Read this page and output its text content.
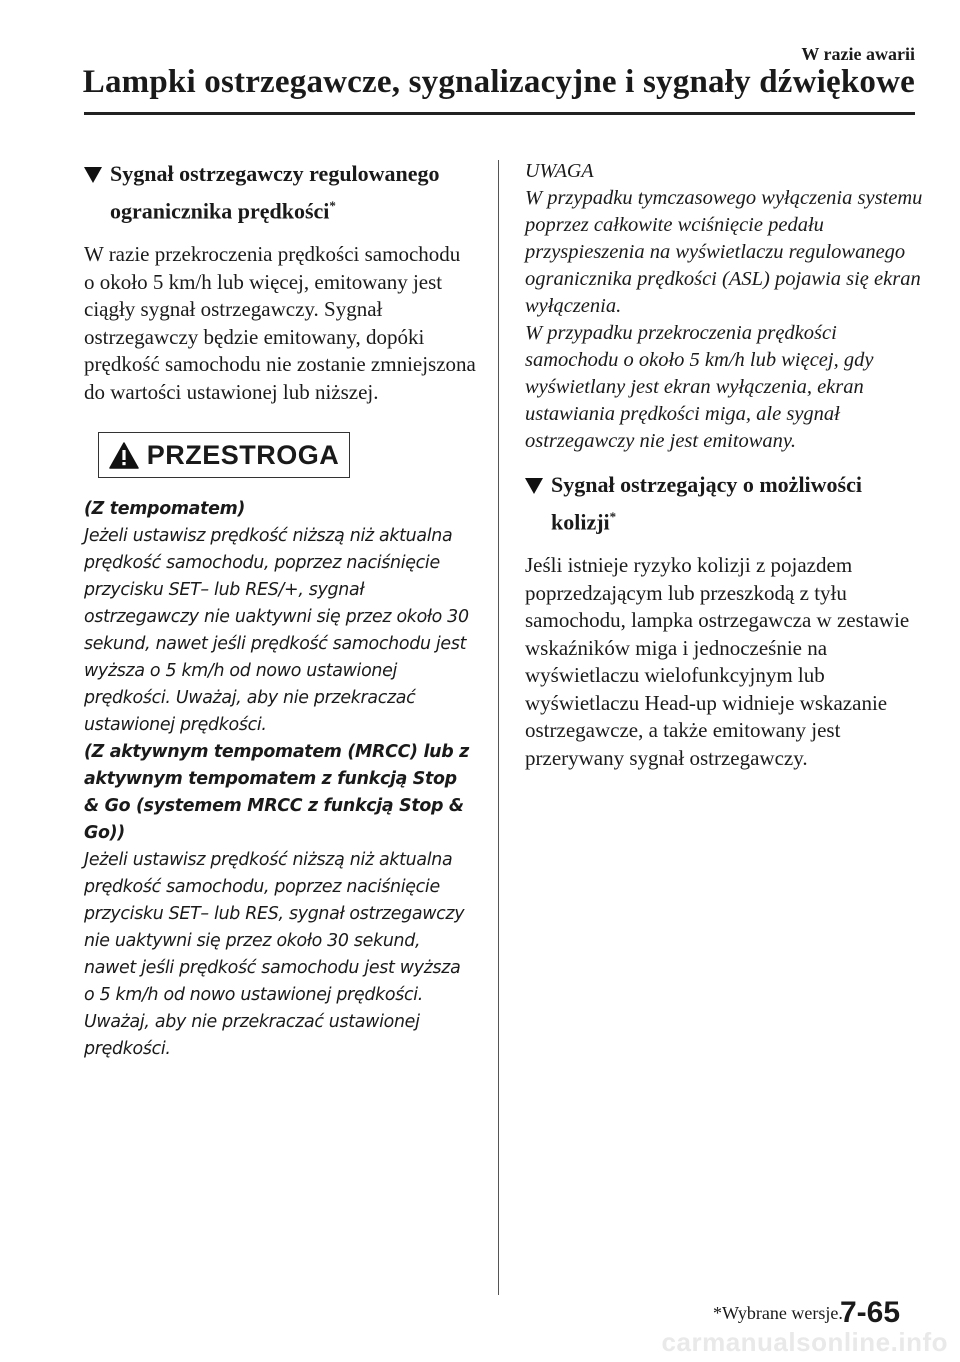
W razie awarii
Lampki ostrzegawcze, sygnalizacyjne i sygnały dźwiękowe
Sygnał ostrzegawczy regulowanego ogranicznika prędkości*

W razie przekroczenia prędkości samochodu o około 5 km/h lub więcej, emitowany jest ciągły sygnał ostrzegawczy. Sygnał ostrzegawczy będzie emitowany, dopóki prędkość samochodu nie zostanie zmniejszona do wartości ustawionej lub niższej.

PRZESTROGA
(Z tempomatem)
Jeżeli ustawisz prędkość niższą niż aktualna prędkość samochodu, poprzez naciśnięcie przycisku SET– lub RES/+, sygnał ostrzegawczy nie uaktywni się przez około 30 sekund, nawet jeśli prędkość samochodu jest wyższa o 5 km/h od nowo ustawionej prędkości. Uważaj, aby nie przekraczać ustawionej prędkości.
(Z aktywnym tempomatem (MRCC) lub z aktywnym tempomatem z funkcją Stop & Go (systemem MRCC z funkcją Stop & Go))
Jeżeli ustawisz prędkość niższą niż aktualna prędkość samochodu, poprzez naciśnięcie przycisku SET– lub RES, sygnał ostrzegawczy nie uaktywni się przez około 30 sekund, nawet jeśli prędkość samochodu jest wyższa o 5 km/h od nowo ustawionej prędkości. Uważaj, aby nie przekraczać ustawionej prędkości.
UWAGA

W przypadku tymczasowego wyłączenia systemu poprzez całkowite wciśnięcie pedału przyspieszenia na wyświetlaczu regulowanego ogranicznika prędkości (ASL) pojawia się ekran wyłączenia.

W przypadku przekroczenia prędkości samochodu o około 5 km/h lub więcej, gdy wyświetlany jest ekran wyłączenia, ekran ustawiania prędkości miga, ale sygnał ostrzegawczy nie jest emitowany.

Sygnał ostrzegający o możliwości kolizji*

Jeśli istnieje ryzyko kolizji z pojazdem poprzedzającym lub przeszkodą z tyłu samochodu, lampka ostrzegawcza w zestawie wskaźników miga i jednocześnie na wyświetlaczu wielofunkcyjnym lub wyświetlaczu Head-up widnieje wskazanie ostrzegawcze, a także emitowany jest przerywany sygnał ostrzegawczy.

*Wybrane wersje.
7-65
carmanualsonline.info
